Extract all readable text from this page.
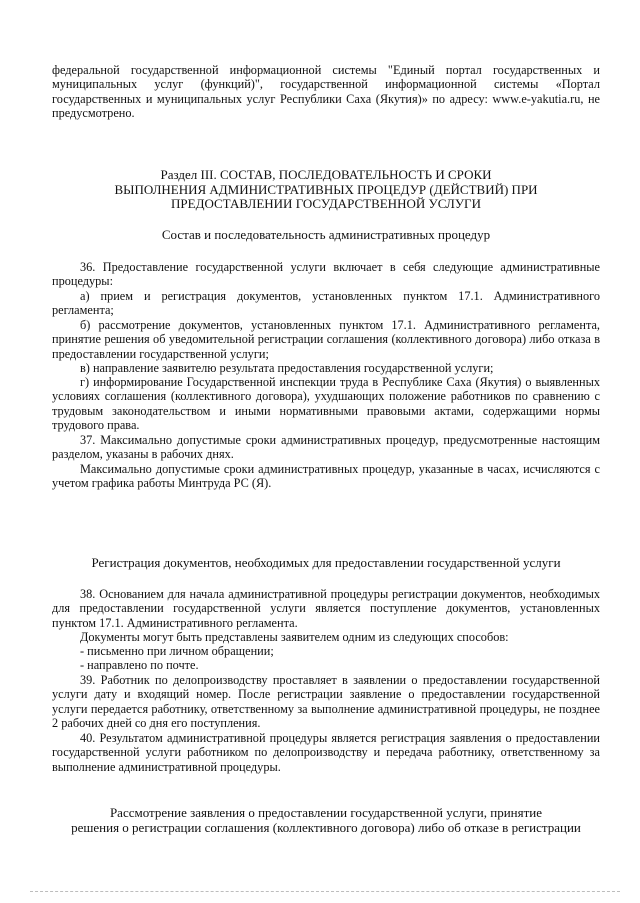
федеральной государственной информационной системы "Единый портал государственных и муниципальных услуг (функций)", государственной информационной системы «Портал государственных и муниципальных услуг Республики Саха (Якутия)» по адресу: www.e-yakutia.ru, не предусмотрено.

Раздел III. СОСТАВ, ПОСЛЕДОВАТЕЛЬНОСТЬ И СРОКИ
ВЫПОЛНЕНИЯ АДМИНИСТРАТИВНЫХ ПРОЦЕДУР (ДЕЙСТВИЙ) ПРИ
ПРЕДОСТАВЛЕНИИ ГОСУДАРСТВЕННОЙ УСЛУГИ
Состав и последовательность административных процедур

36. Предоставление государственной услуги включает в себя следующие административные процедуры:

а) прием и регистрация документов, установленных пунктом 17.1. Административного регламента;

б) рассмотрение документов, установленных пунктом 17.1. Административного регламента, принятие решения об уведомительной регистрации соглашения (коллективного договора) либо отказа в предоставлении государственной услуги;

в) направление заявителю результата предоставления государственной услуги;

г) информирование Государственной инспекции труда в Республике Саха (Якутия) о выявленных условиях соглашения (коллективного договора), ухудшающих положение работников по сравнению с трудовым законодательством и иными нормативными правовыми актами, содержащими нормы трудового права.

37. Максимально допустимые сроки административных процедур, предусмотренные настоящим разделом, указаны в рабочих днях.

Максимально допустимые сроки административных процедур, указанные в часах, исчисляются с учетом графика работы Минтруда РС (Я).

Регистрация документов, необходимых для предоставлении государственной услуги

38. Основанием для начала административной процедуры регистрации документов, необходимых для предоставлении государственной услуги является поступление документов, установленных пунктом 17.1. Административного регламента.

Документы могут быть представлены заявителем одним из следующих способов:

- письменно при личном обращении;

- направлено по почте.

39. Работник по делопроизводству проставляет в заявлении о предоставлении государственной услуги дату и входящий номер. После регистрации заявление о предоставлении государственной услуги передается работнику, ответственному за выполнение административной процедуры, не позднее 2 рабочих дней со дня его поступления.

40. Результатом административной процедуры является регистрация заявления о предоставлении государственной услуги работником по делопроизводству и передача работнику, ответственному за выполнение административной процедуры.

Рассмотрение заявления о предоставлении государственной услуги, принятие
решения о регистрации соглашения (коллективного договора) либо об отказе в регистрации
